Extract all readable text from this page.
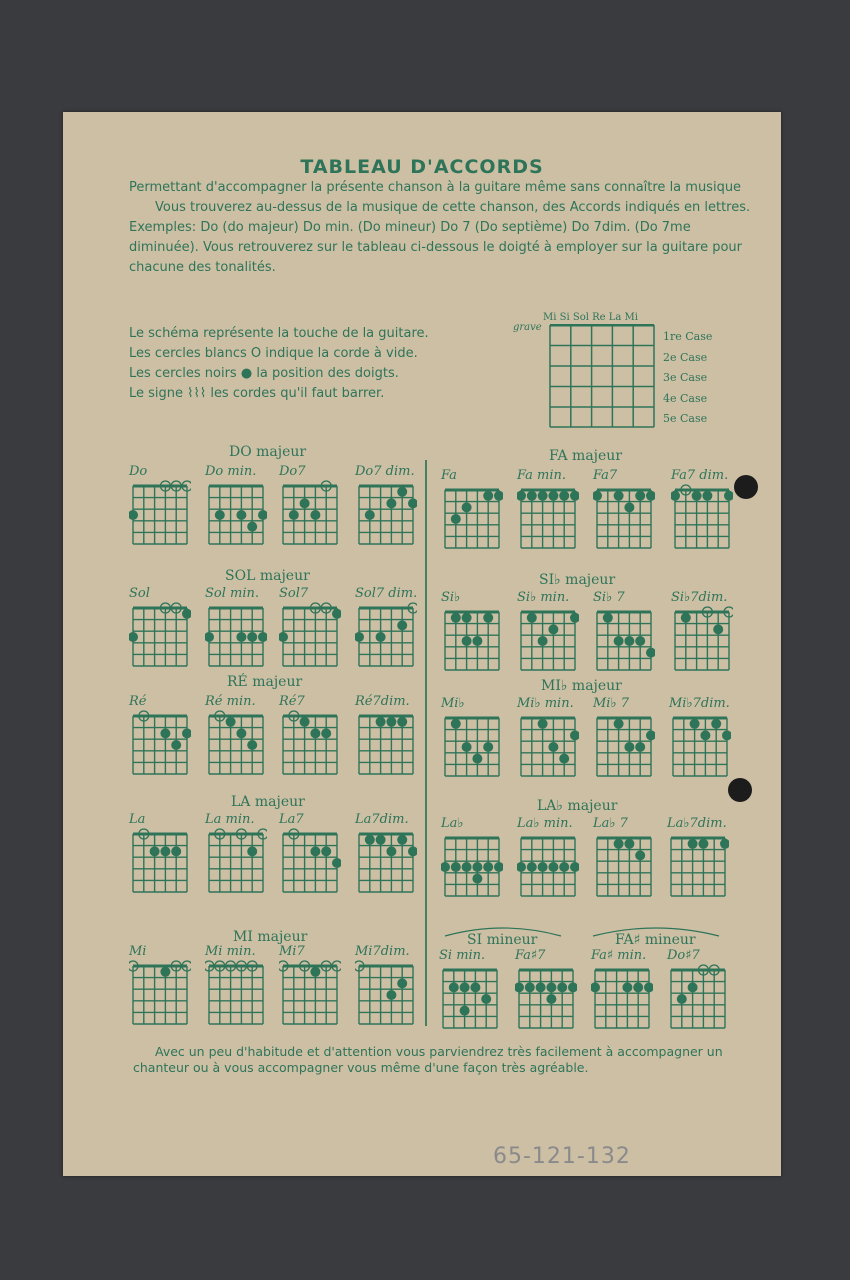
TABLEAU D'ACCORDS

Permettant d'accompagner la présente chanson à la guitare même sans connaître la musique

Vous trouverez au-dessus de la musique de cette chanson, des Accords indiqués en lettres. Exemples: Do (do majeur) Do min. (Do mineur) Do 7 (Do septième) Do 7dim. (Do 7me diminuée). Vous retrouverez sur le tableau ci-dessous le doigté à employer sur la guitare pour chacune des tonalités.

Le schéma représente la touche de la guitare.
Les cercles blancs O indique la corde à vide.
Les cercles noirs ● la position des doigts.
Le signe ⌇⌇⌇ les cordes qu'il faut barrer.
Mi Si Sol Re La Mi
grave
1re Case
2e Case
3e Case
4e Case
5e Case
DO majeur	FA majeur
SOL majeur	SI♭ majeur
RÉ majeur	MI♭ majeur
LA majeur	LA♭ majeur
MI majeur	SI mineur	FA♯ mineur
Do	Do min. Do7	Do7 dim. Fa	Fa min. Fa7	Fa7 dim.
Sol	Sol min. Sol7	Sol7 dim. Si♭	Si♭ min. Si♭ 7	Si♭7dim.
Ré	Ré min. Ré7	Ré7dim. Mi♭	Mi♭ min. Mi♭ 7	Mi♭7dim.
La	La min. La7	La7dim. La♭	La♭ min. La♭ 7	La♭7dim.
Mi	Mi min. Mi7	Mi7dim. Si min. Fa♯7	Fa♯ min. Do♯7

Avec un peu d'habitude et d'attention vous parviendrez très facilement à accompagner un chanteur ou à vous accompagner vous même d'une façon très agréable.

65-121-132
